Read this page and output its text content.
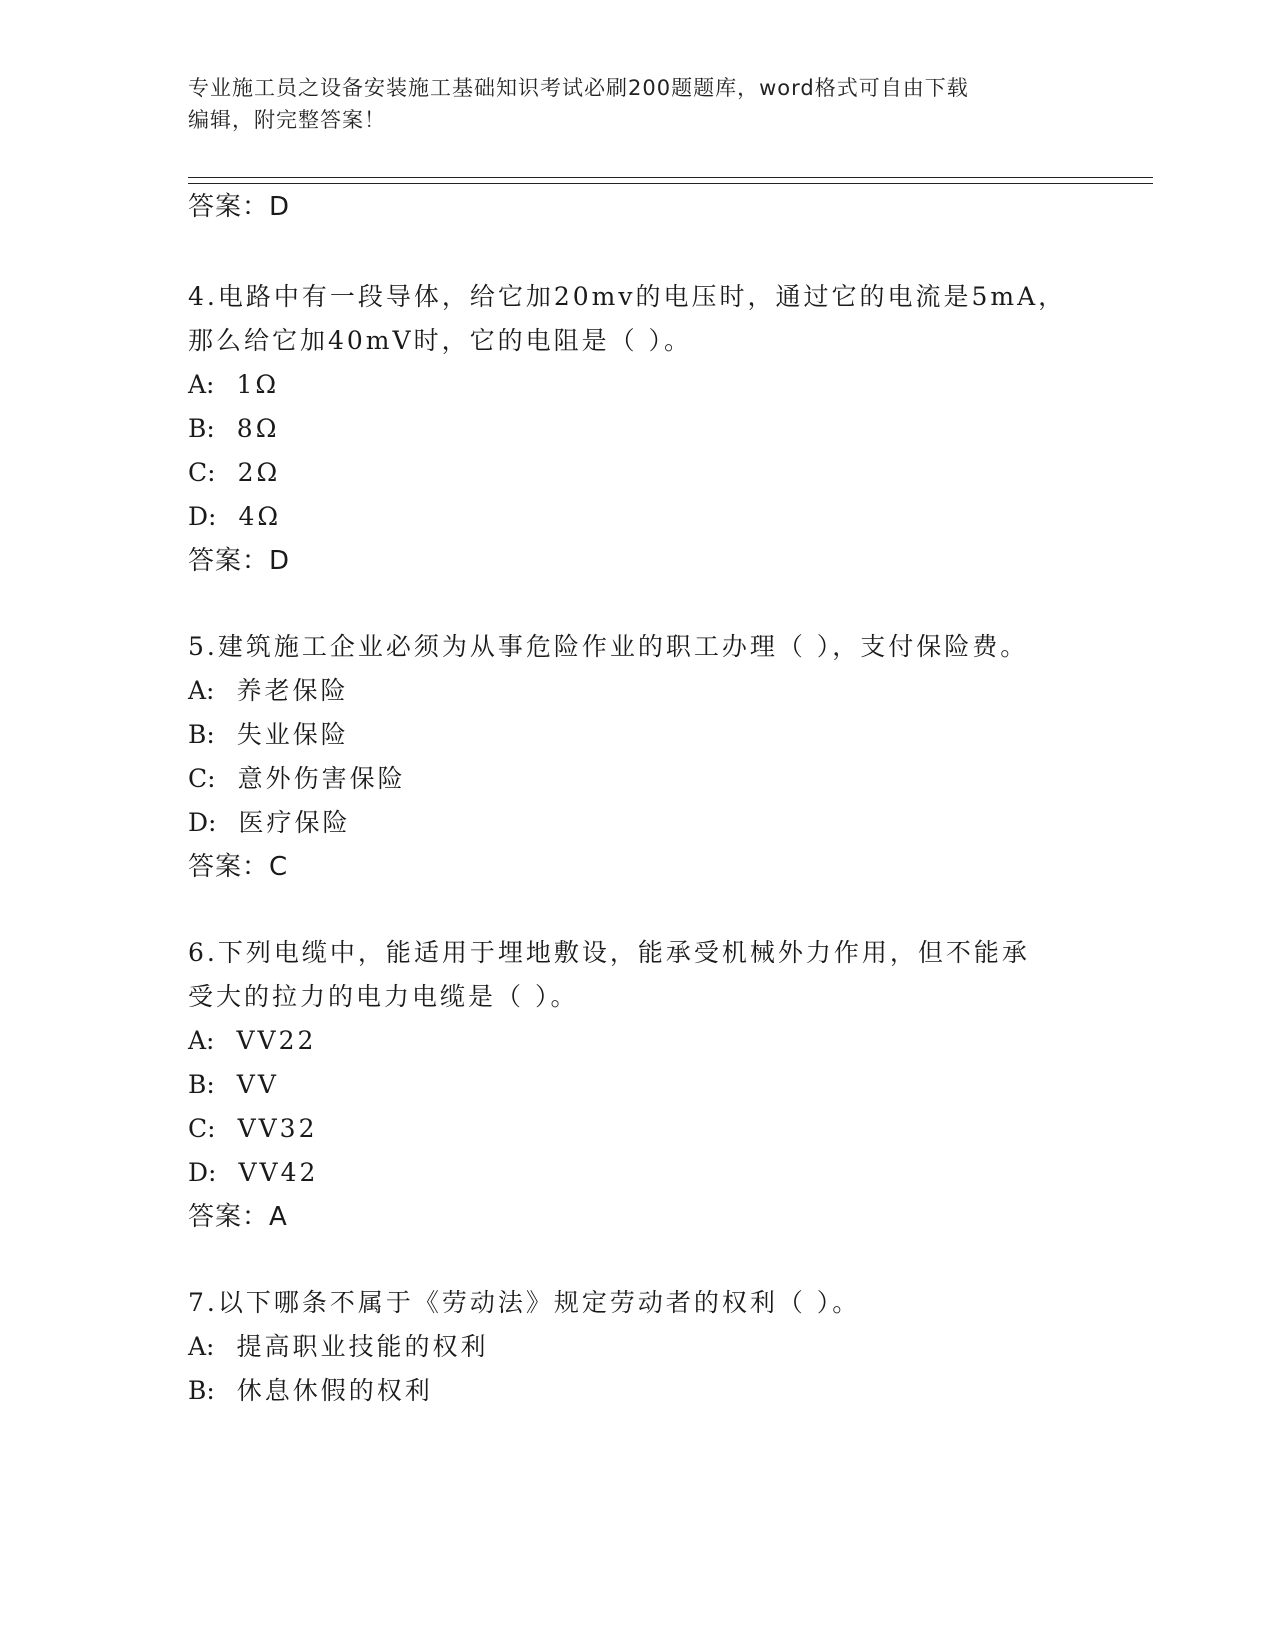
专业施工员之设备安装施工基础知识考试必刷200题题库，word格式可自由下载
编辑，附完整答案！
答案：D
4.电路中有一段导体，给它加20mv的电压时，通过它的电流是5mA，
那么给它加40mV时，它的电阻是（ ）。
A: 1Ω
B: 8Ω
C: 2Ω
D: 4Ω
答案：D
5.建筑施工企业必须为从事危险作业的职工办理（ ），支付保险费。
A: 养老保险
B: 失业保险
C: 意外伤害保险
D: 医疗保险
答案：C
6.下列电缆中，能适用于埋地敷设，能承受机械外力作用，但不能承
受大的拉力的电力电缆是（ ）。
A: VV22
B: VV
C: VV32
D: VV42
答案：A
7.以下哪条不属于《劳动法》规定劳动者的权利（ ）。
A: 提高职业技能的权利
B: 休息休假的权利
